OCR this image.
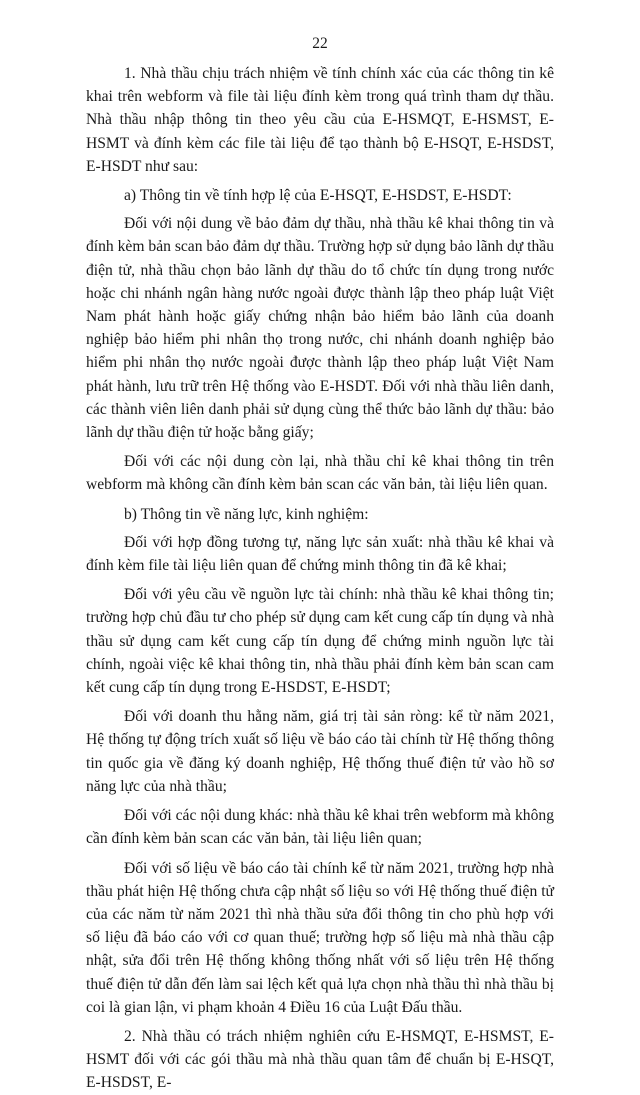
22

1. Nhà thầu chịu trách nhiệm về tính chính xác của các thông tin kê khai trên webform và file tài liệu đính kèm trong quá trình tham dự thầu. Nhà thầu nhập thông tin theo yêu cầu của E-HSMQT, E-HSMST, E-HSMT và đính kèm các file tài liệu để tạo thành bộ E-HSQT, E-HSDST, E-HSDT như sau:

a) Thông tin về tính hợp lệ của E-HSQT, E-HSDST, E-HSDT:

Đối với nội dung về bảo đảm dự thầu, nhà thầu kê khai thông tin và đính kèm bản scan bảo đảm dự thầu. Trường hợp sử dụng bảo lãnh dự thầu điện tử, nhà thầu chọn bảo lãnh dự thầu do tổ chức tín dụng trong nước hoặc chi nhánh ngân hàng nước ngoài được thành lập theo pháp luật Việt Nam phát hành hoặc giấy chứng nhận bảo hiểm bảo lãnh của doanh nghiệp bảo hiểm phi nhân thọ trong nước, chi nhánh doanh nghiệp bảo hiểm phi nhân thọ nước ngoài được thành lập theo pháp luật Việt Nam phát hành, lưu trữ trên Hệ thống vào E-HSDT. Đối với nhà thầu liên danh, các thành viên liên danh phải sử dụng cùng thể thức bảo lãnh dự thầu: bảo lãnh dự thầu điện tử hoặc bằng giấy;

Đối với các nội dung còn lại, nhà thầu chỉ kê khai thông tin trên webform mà không cần đính kèm bản scan các văn bản, tài liệu liên quan.

b) Thông tin về năng lực, kinh nghiệm:

Đối với hợp đồng tương tự, năng lực sản xuất: nhà thầu kê khai và đính kèm file tài liệu liên quan để chứng minh thông tin đã kê khai;

Đối với yêu cầu về nguồn lực tài chính: nhà thầu kê khai thông tin; trường hợp chủ đầu tư cho phép sử dụng cam kết cung cấp tín dụng và nhà thầu sử dụng cam kết cung cấp tín dụng để chứng minh nguồn lực tài chính, ngoài việc kê khai thông tin, nhà thầu phải đính kèm bản scan cam kết cung cấp tín dụng trong E-HSDST, E-HSDT;

Đối với doanh thu hằng năm, giá trị tài sản ròng: kể từ năm 2021, Hệ thống tự động trích xuất số liệu về báo cáo tài chính từ Hệ thống thông tin quốc gia về đăng ký doanh nghiệp, Hệ thống thuế điện tử vào hồ sơ năng lực của nhà thầu;

Đối với các nội dung khác: nhà thầu kê khai trên webform mà không cần đính kèm bản scan các văn bản, tài liệu liên quan;

Đối với số liệu về báo cáo tài chính kể từ năm 2021, trường hợp nhà thầu phát hiện Hệ thống chưa cập nhật số liệu so với Hệ thống thuế điện tử của các năm từ năm 2021 thì nhà thầu sửa đổi thông tin cho phù hợp với số liệu đã báo cáo với cơ quan thuế; trường hợp số liệu mà nhà thầu cập nhật, sửa đổi trên Hệ thống không thống nhất với số liệu trên Hệ thống thuế điện tử dẫn đến làm sai lệch kết quả lựa chọn nhà thầu thì nhà thầu bị coi là gian lận, vi phạm khoản 4 Điều 16 của Luật Đấu thầu.

2. Nhà thầu có trách nhiệm nghiên cứu E-HSMQT, E-HSMST, E-HSMT đối với các gói thầu mà nhà thầu quan tâm để chuẩn bị E-HSQT, E-HSDST, E-
